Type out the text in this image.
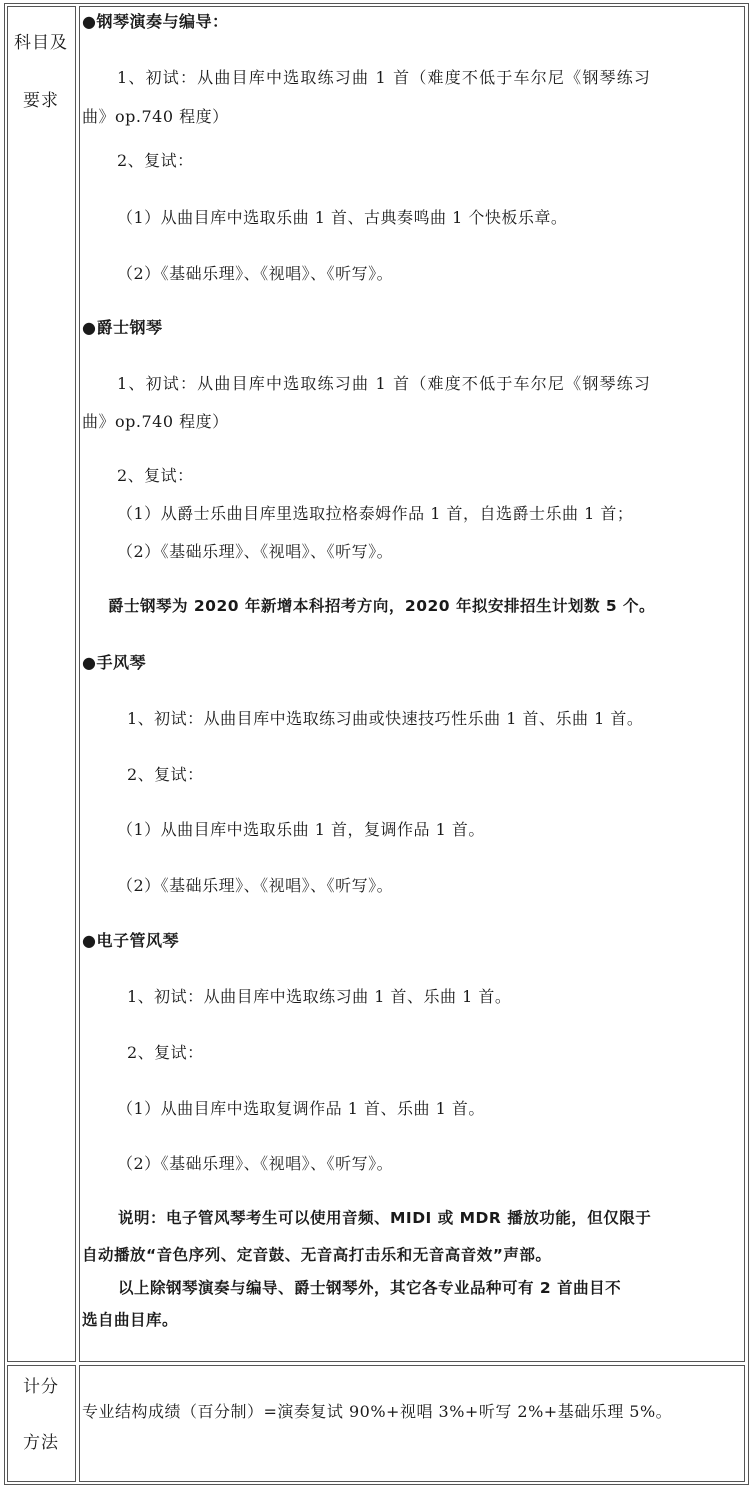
科目及
要求
计分
方法
●钢琴演奏与编导：
1、初试：从曲目库中选取练习曲 1 首（难度不低于车尔尼《钢琴练习
曲》op.740 程度）
2、复试：
（1）从曲目库中选取乐曲 1 首、古典奏鸣曲 1 个快板乐章。
（2）《基础乐理》、《视唱》、《听写》。
●爵士钢琴
1、初试：从曲目库中选取练习曲 1 首（难度不低于车尔尼《钢琴练习
曲》op.740 程度）
2、复试：
（1）从爵士乐曲目库里选取拉格泰姆作品 1 首，自选爵士乐曲 1 首；
（2）《基础乐理》、《视唱》、《听写》。
爵士钢琴为 2020 年新增本科招考方向，2020 年拟安排招生计划数 5 个。
●手风琴
1、初试：从曲目库中选取练习曲或快速技巧性乐曲 1 首、乐曲 1 首。
2、复试：
（1）从曲目库中选取乐曲 1 首，复调作品 1 首。
（2）《基础乐理》、《视唱》、《听写》。
●电子管风琴
1、初试：从曲目库中选取练习曲 1 首、乐曲 1 首。
2、复试：
（1）从曲目库中选取复调作品 1 首、乐曲 1 首。
（2）《基础乐理》、《视唱》、《听写》。
说明：电子管风琴考生可以使用音频、MIDI 或 MDR 播放功能，但仅限于
自动播放“音色序列、定音鼓、无音高打击乐和无音高音效”声部。
以上除钢琴演奏与编导、爵士钢琴外，其它各专业品种可有 2 首曲目不
选自曲目库。
专业结构成绩（百分制）=演奏复试 90%+视唱 3%+听写 2%+基础乐理 5%。
